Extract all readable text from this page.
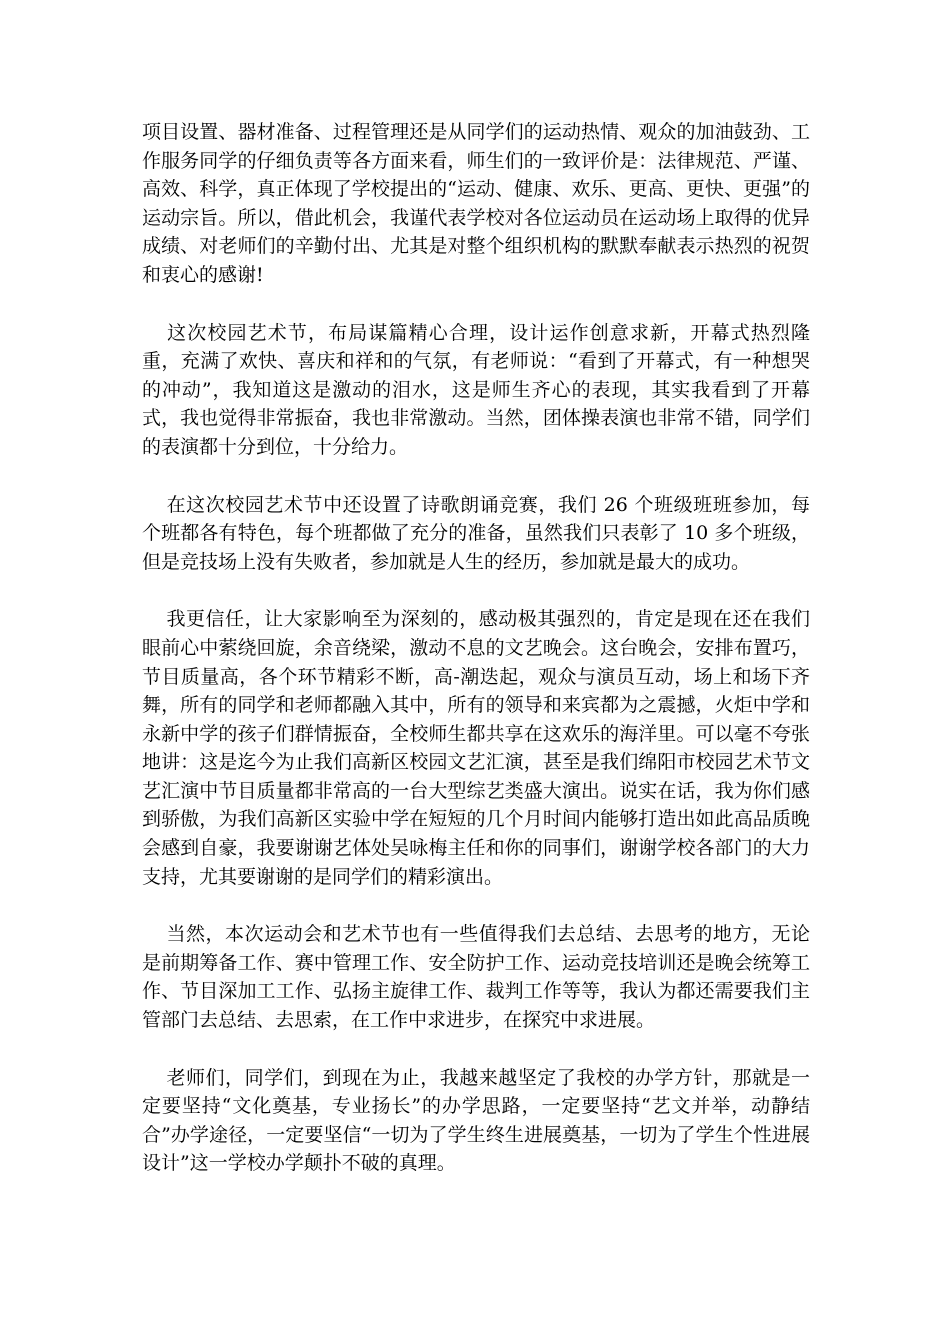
项目设置、器材准备、过程管理还是从同学们的运动热情、观众的加油鼓劲、工作服务同学的仔细负责等各方面来看，师生们的一致评价是：法律规范、严谨、高效、科学，真正体现了学校提出的“运动、健康、欢乐、更高、更快、更强”的运动宗旨。所以，借此机会，我谨代表学校对各位运动员在运动场上取得的优异成绩、对老师们的辛勤付出、尤其是对整个组织机构的默默奉献表示热烈的祝贺和衷心的感谢!

这次校园艺术节，布局谋篇精心合理，设计运作创意求新，开幕式热烈隆重，充满了欢快、喜庆和祥和的气氛，有老师说：“看到了开幕式，有一种想哭的冲动”，我知道这是激动的泪水，这是师生齐心的表现，其实我看到了开幕式，我也觉得非常振奋，我也非常激动。当然，团体操表演也非常不错，同学们的表演都十分到位，十分给力。

在这次校园艺术节中还设置了诗歌朗诵竞赛，我们 26 个班级班班参加，每个班都各有特色，每个班都做了充分的准备，虽然我们只表彰了 10 多个班级，但是竞技场上没有失败者，参加就是人生的经历，参加就是最大的成功。

我更信任，让大家影响至为深刻的，感动极其强烈的，肯定是现在还在我们眼前心中萦绕回旋，余音绕梁，激动不息的文艺晚会。这台晚会，安排布置巧，节目质量高，各个环节精彩不断，高-潮迭起，观众与演员互动，场上和场下齐舞，所有的同学和老师都融入其中，所有的领导和来宾都为之震撼，火炬中学和永新中学的孩子们群情振奋，全校师生都共享在这欢乐的海洋里。可以毫不夸张地讲：这是迄今为止我们高新区校园文艺汇演，甚至是我们绵阳市校园艺术节文艺汇演中节目质量都非常高的一台大型综艺类盛大演出。说实在话，我为你们感到骄傲，为我们高新区实验中学在短短的几个月时间内能够打造出如此高品质晚会感到自豪，我要谢谢艺体处吴咏梅主任和你的同事们，谢谢学校各部门的大力支持，尤其要谢谢的是同学们的精彩演出。

当然，本次运动会和艺术节也有一些值得我们去总结、去思考的地方，无论是前期筹备工作、赛中管理工作、安全防护工作、运动竞技培训还是晚会统筹工作、节目深加工工作、弘扬主旋律工作、裁判工作等等，我认为都还需要我们主管部门去总结、去思索，在工作中求进步，在探究中求进展。

老师们，同学们，到现在为止，我越来越坚定了我校的办学方针，那就是一定要坚持“文化奠基，专业扬长”的办学思路，一定要坚持“艺文并举，动静结合”办学途径，一定要坚信“一切为了学生终生进展奠基，一切为了学生个性进展设计”这一学校办学颠扑不破的真理。
